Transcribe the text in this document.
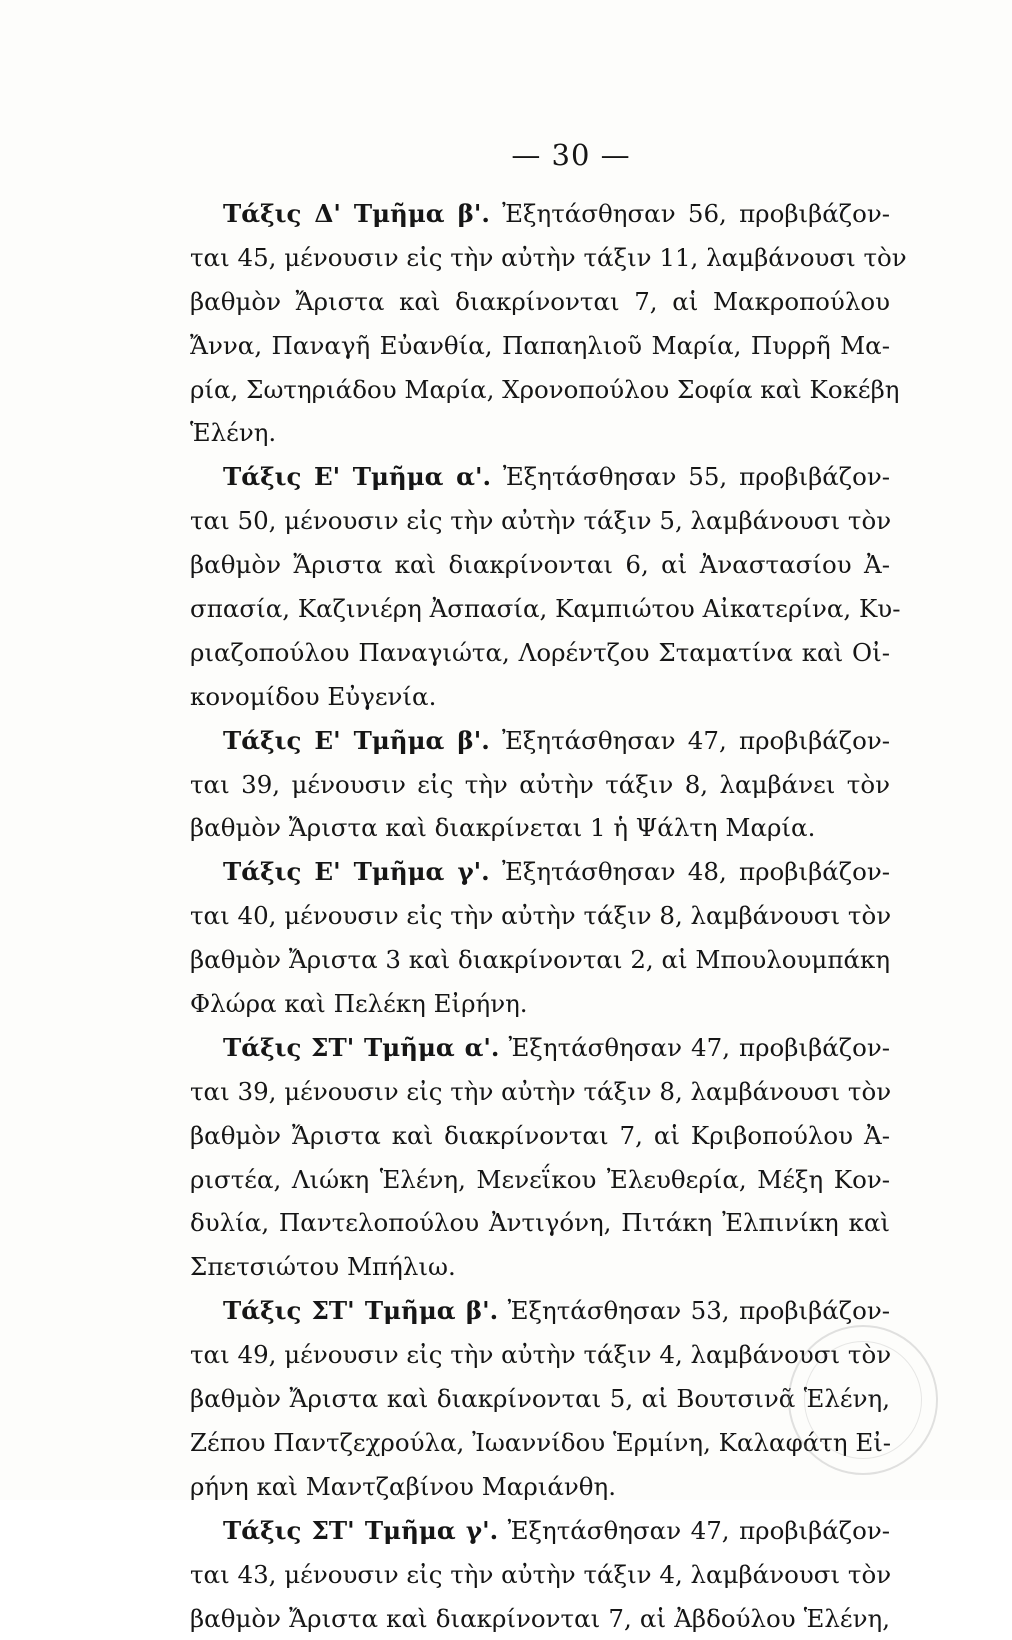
— 30 —
Τάξις Δ' Τμῆμα β'. Ἐξητάσθησαν 56, προβιβάζον-
ται 45, μένουσιν εἰς τὴν αὐτὴν τάξιν 11, λαμβάνουσι τὸν
βαθμὸν Ἄριστα καὶ διακρίνονται 7, αἱ Μακροπούλου
Ἄννα, Παναγῆ Εὐανθία, Παπαηλιοῦ Μαρία, Πυρρῆ Μα-
ρία, Σωτηριάδου Μαρία, Χρονοπούλου Σοφία καὶ Κοκέβη
Ἑλένη.
Τάξις Ε' Τμῆμα α'. Ἐξητάσθησαν 55, προβιβάζον-
ται 50, μένουσιν εἰς τὴν αὐτὴν τάξιν 5, λαμβάνουσι τὸν
βαθμὸν Ἄριστα καὶ διακρίνονται 6, αἱ Ἀναστασίου Ἀ-
σπασία, Καζινιέρη Ἀσπασία, Καμπιώτου Αἰκατερίνα, Κυ-
ριαζοπούλου Παναγιώτα, Λορέντζου Σταματίνα καὶ Οἰ-
κονομίδου Εὐγενία.
Τάξις Ε' Τμῆμα β'. Ἐξητάσθησαν 47, προβιβάζον-
ται 39, μένουσιν εἰς τὴν αὐτὴν τάξιν 8, λαμβάνει τὸν
βαθμὸν Ἄριστα καὶ διακρίνεται 1 ἡ Ψάλτη Μαρία.
Τάξις Ε' Τμῆμα γ'. Ἐξητάσθησαν 48, προβιβάζον-
ται 40, μένουσιν εἰς τὴν αὐτὴν τάξιν 8, λαμβάνουσι τὸν
βαθμὸν Ἄριστα 3 καὶ διακρίνονται 2, αἱ Μπουλουμπάκη
Φλώρα καὶ Πελέκη Εἰρήνη.
Τάξις ΣΤ' Τμῆμα α'. Ἐξητάσθησαν 47, προβιβάζον-
ται 39, μένουσιν εἰς τὴν αὐτὴν τάξιν 8, λαμβάνουσι τὸν
βαθμὸν Ἄριστα καὶ διακρίνονται 7, αἱ Κριβοπούλου Ἀ-
ριστέα, Λιώκη Ἑλένη, Μενεΐκου Ἐλευθερία, Μέξη Κον-
δυλία, Παντελοπούλου Ἀντιγόνη, Πιτάκη Ἐλπινίκη καὶ
Σπετσιώτου Μπήλιω.
Τάξις ΣΤ' Τμῆμα β'. Ἐξητάσθησαν 53, προβιβάζον-
ται 49, μένουσιν εἰς τὴν αὐτὴν τάξιν 4, λαμβάνουσι τὸν
βαθμὸν Ἄριστα καὶ διακρίνονται 5, αἱ Βουτσινᾶ Ἑλένη,
Ζέπου Παντζεχρούλα, Ἰωαννίδου Ἑρμίνη, Καλαφάτη Εἰ-
ρήνη καὶ Μαντζαβίνου Μαριάνθη.
Τάξις ΣΤ' Τμῆμα γ'. Ἐξητάσθησαν 47, προβιβάζον-
ται 43, μένουσιν εἰς τὴν αὐτὴν τάξιν 4, λαμβάνουσι τὸν
βαθμὸν Ἄριστα καὶ διακρίνονται 7, αἱ Ἀβδούλου Ἑλένη,
